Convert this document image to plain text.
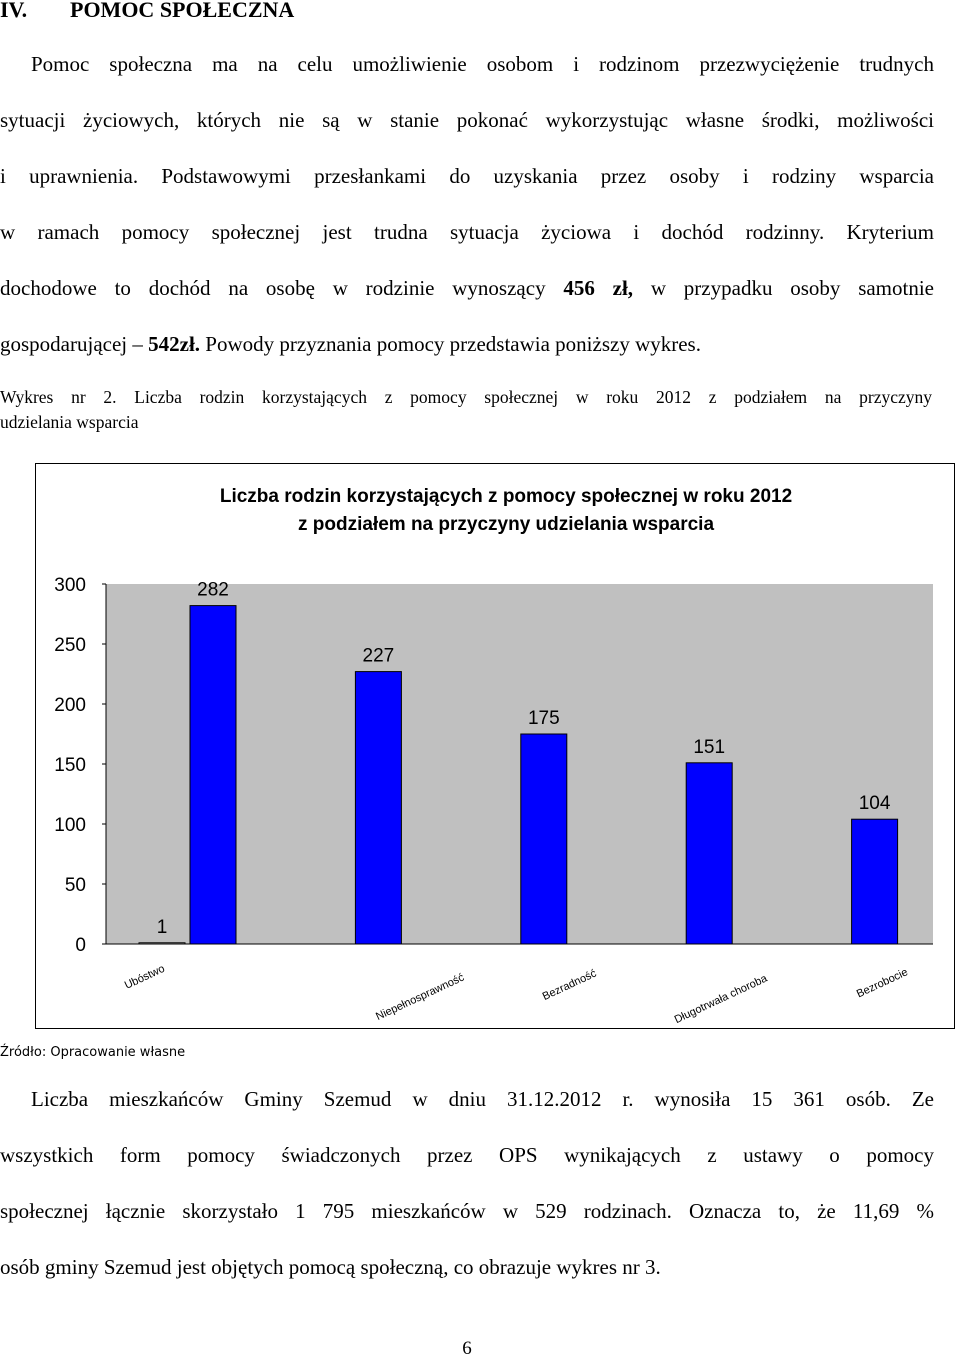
IV. POMOC SPOŁECZNA
Pomoc społeczna ma na celu umożliwienie osobom i rodzinom przezwyciężenie trudnych
sytuacji życiowych, których nie są w stanie pokonać wykorzystując własne środki, możliwości
i uprawnienia. Podstawowymi przesłankami do uzyskania przez osoby i rodziny wsparcia
w ramach pomocy społecznej jest trudna sytuacja życiowa i dochód rodzinny. Kryterium
dochodowe to dochód na osobę w rodzinie wynoszący 456 zł, w przypadku osoby samotnie
gospodarującej – 542zł. Powody przyznania pomocy przedstawia poniższy wykres.
Wykres nr 2. Liczba rodzin korzystających z pomocy społecznej w roku 2012 z podziałem na przyczyny
udzielania wsparcia
Liczba rodzin korzystających z pomocy społecznej w roku 2012
z podziałem na przyczyny udzielania wsparcia
300
250
200
150
100
50
0
1
282
227
175
151
104
Ubóstwo	Niepełnosprawność	Bezradność	Długotrwała choroba	Bezrobocie
Źródło: Opracowanie własne
Liczba mieszkańców Gminy Szemud w dniu 31.12.2012 r. wynosiła 15 361 osób. Ze
wszystkich form pomocy świadczonych przez OPS wynikających z ustawy o pomocy
społecznej łącznie skorzystało 1 795 mieszkańców w 529 rodzinach. Oznacza to, że 11,69 %
osób gminy Szemud jest objętych pomocą społeczną, co obrazuje wykres nr 3.
6
